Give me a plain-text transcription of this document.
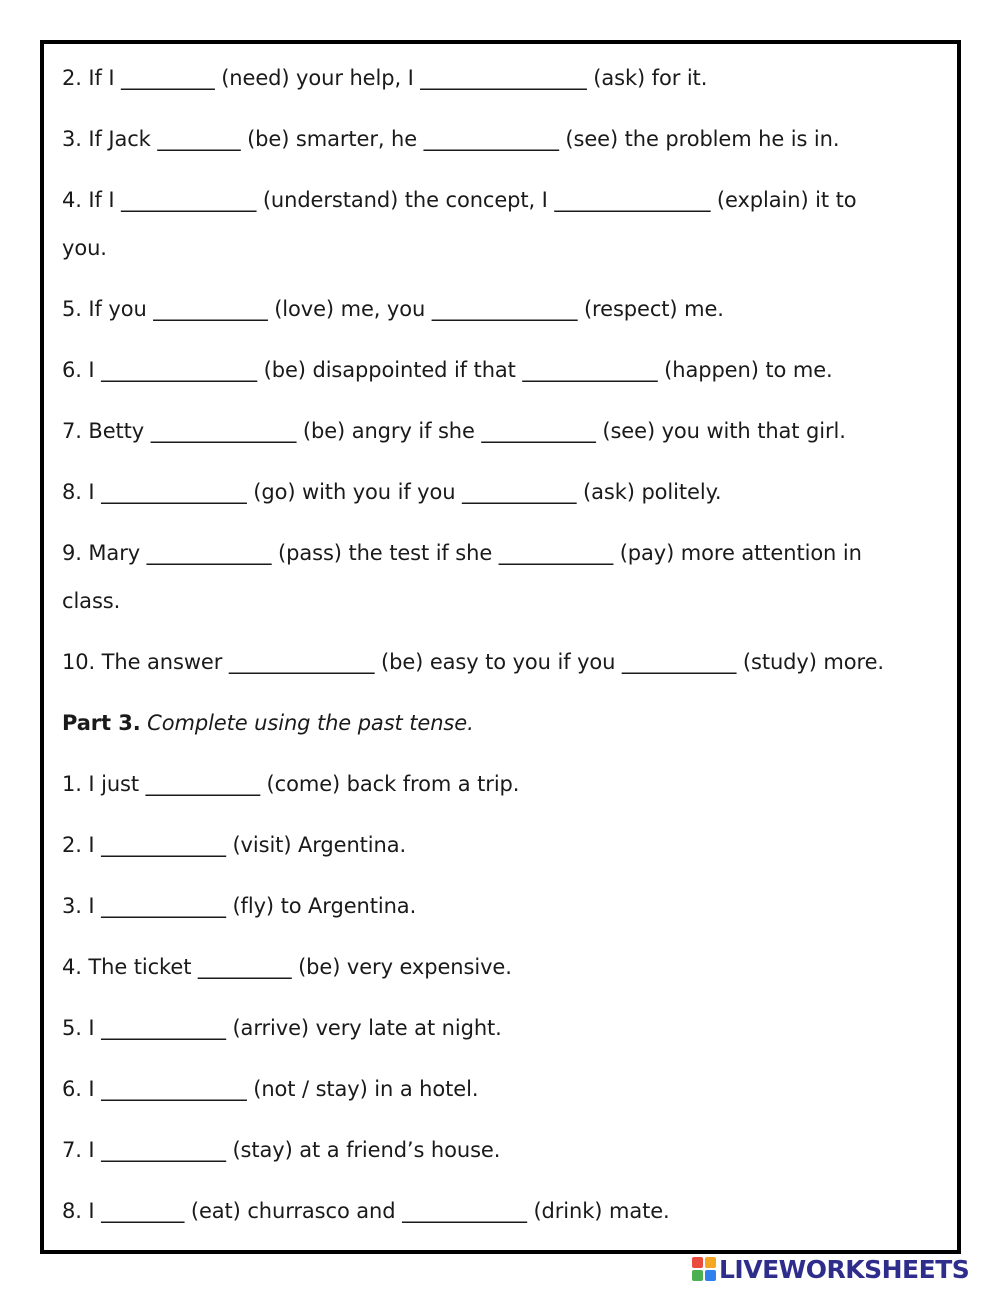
2. If I _________ (need) your help, I ________________ (ask) for it.
3. If Jack ________ (be) smarter, he _____________ (see) the problem he is in.
4. If I _____________ (understand) the concept, I _______________ (explain) it to
you.
5. If you ___________ (love) me, you ______________ (respect) me.
6. I _______________ (be) disappointed if that _____________ (happen) to me.
7. Betty ______________ (be) angry if she ___________ (see) you with that girl.
8. I ______________ (go) with you if you ___________ (ask) politely.
9. Mary ____________ (pass) the test if she ___________ (pay) more attention in
class.
10. The answer ______________ (be) easy to you if you ___________ (study) more.
Part 3. Complete using the past tense.
1. I just ___________ (come) back from a trip.
2. I ____________ (visit) Argentina.
3. I ____________ (fly) to Argentina.
4. The ticket _________ (be) very expensive.
5. I ____________ (arrive) very late at night.
6. I ______________ (not / stay) in a hotel.
7. I ____________ (stay) at a friend’s house.
8. I ________ (eat) churrasco and ____________ (drink) mate.
LIVEWORKSHEETS
